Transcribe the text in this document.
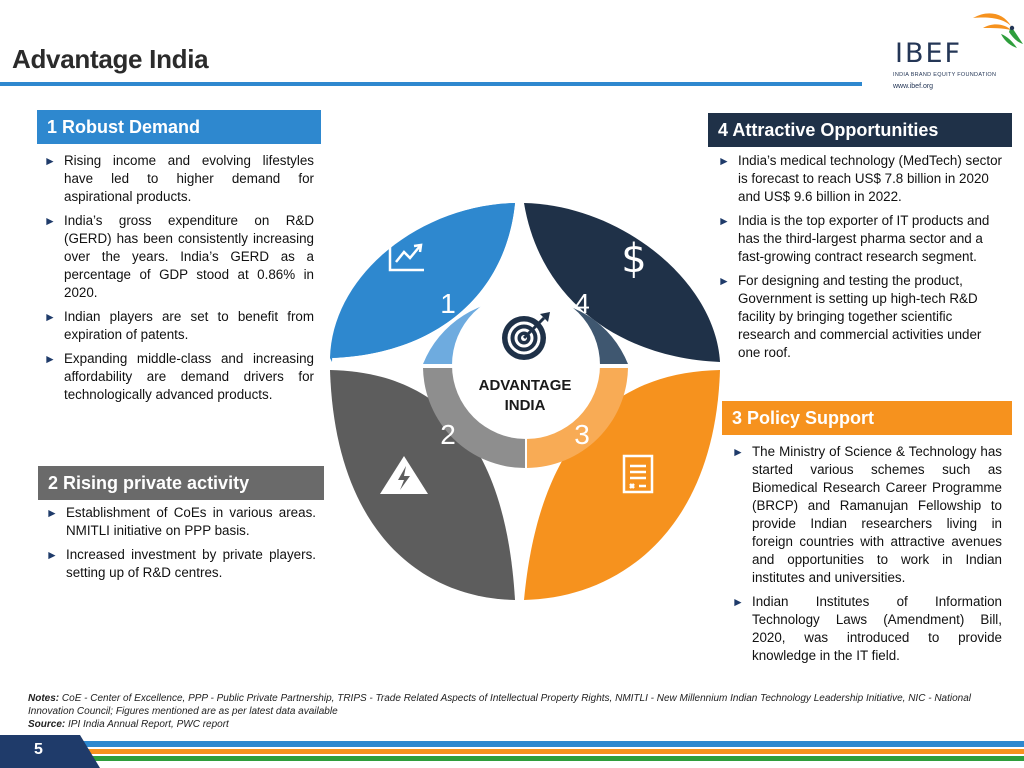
Advantage India	IBEF
INDIA BRAND EQUITY FOUNDATION
www.ibef.org
1 Robust Demand
► Rising income and evolving lifestyles have led to higher demand for aspirational products.
► India’s gross expenditure on R&D (GERD) has been consistently increasing over the years. India’s GERD as a percentage of GDP stood at 0.86% in 2020.
► Indian players are set to benefit from expiration of patents.
► Expanding middle-class and increasing affordability are demand drivers for technologically advanced products.
2 Rising private activity
► Establishment of CoEs in various areas. NMITLI initiative on PPP basis.
► Increased investment by private players. setting up of R&D centres.
4 Attractive Opportunities
► India’s medical technology (MedTech) sector is forecast to reach US$ 7.8 billion in 2020 and US$ 9.6 billion in 2022.
► India is the top exporter of IT products and has the third-largest pharma sector and a fast-growing contract research segment.
► For designing and testing the product, Government is setting up high-tech R&D facility by bringing together scientific research and commercial activities under one roof.
3 Policy Support
► The Ministry of Science & Technology has started various schemes such as Biomedical Research Career Programme (BRCP) and Ramanujan Fellowship to provide Indian researchers living in foreign countries with attractive avenues and opportunities to work in Indian institutes and universities.
► Indian Institutes of Information Technology Laws (Amendment) Bill, 2020, was introduced to provide knowledge in the IT field.
1	4
2	3
ADVANTAGE
INDIA
$
Notes: CoE - Center of Excellence, PPP - Public Private Partnership, TRIPS - Trade Related Aspects of Intellectual Property Rights, NMITLI - New Millennium Indian Technology Leadership Initiative, NIC - National Innovation Council; Figures mentioned are as per latest data available
Source: IPI India Annual Report, PWC report
5
